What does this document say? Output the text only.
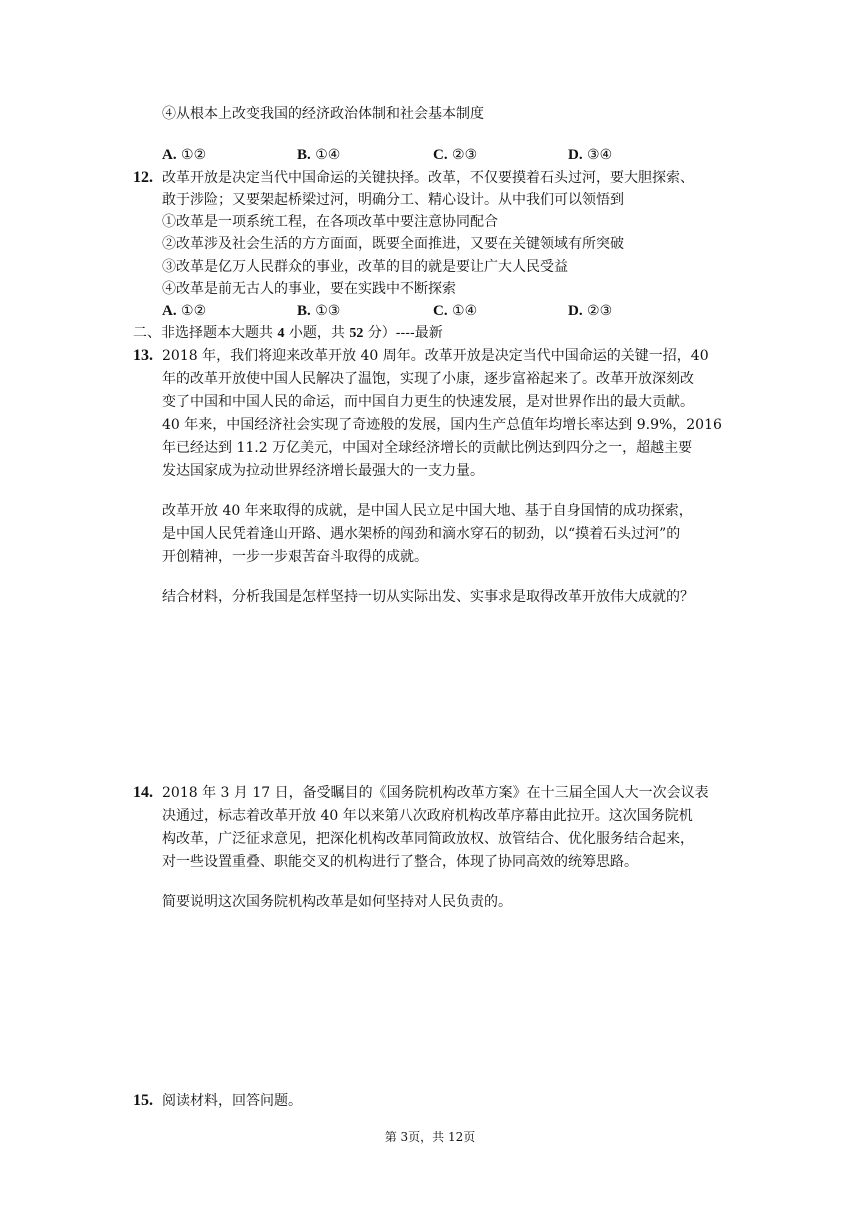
④从根本上改变我国的经济政治体制和社会基本制度
A. ①②	B. ①④	C. ②③	D. ③④
12. 改革开放是决定当代中国命运的关键抉择。改革，不仅要摸着石头过河，要大胆探索、
敢于涉险；又要架起桥梁过河，明确分工、精心设计。从中我们可以领悟到
①改革是一项系统工程，在各项改革中要注意协同配合
②改革涉及社会生活的方方面面，既要全面推进，又要在关键领域有所突破
③改革是亿万人民群众的事业，改革的目的就是要让广大人民受益
④改革是前无古人的事业，要在实践中不断探索
A. ①②	B. ①③	C. ①④	D. ②③
二、非选择题本大题共 4 小题，共 52 分）----最新
13. 2018 年，我们将迎来改革开放 40 周年。改革开放是决定当代中国命运的关键一招，40
年的改革开放使中国人民解决了温饱，实现了小康，逐步富裕起来了。改革开放深刻改
变了中国和中国人民的命运，而中国自力更生的快速发展，是对世界作出的最大贡献。
40 年来，中国经济社会实现了奇迹般的发展，国内生产总值年均增长率达到 9.9%，2016
年已经达到 11.2 万亿美元，中国对全球经济增长的贡献比例达到四分之一，超越主要
发达国家成为拉动世界经济增长最强大的一支力量。
改革开放 40 年来取得的成就，是中国人民立足中国大地、基于自身国情的成功探索，
是中国人民凭着逢山开路、遇水架桥的闯劲和滴水穿石的韧劲，以“摸着石头过河”的
开创精神，一步一步艰苦奋斗取得的成就。
结合材料，分析我国是怎样坚持一切从实际出发、实事求是取得改革开放伟大成就的？
14. 2018 年 3 月 17 日，备受瞩目的《国务院机构改革方案》在十三届全国人大一次会议表
决通过，标志着改革开放 40 年以来第八次政府机构改革序幕由此拉开。这次国务院机
构改革，广泛征求意见，把深化机构改革同简政放权、放管结合、优化服务结合起来，
对一些设置重叠、职能交叉的机构进行了整合，体现了协同高效的统筹思路。
简要说明这次国务院机构改革是如何坚持对人民负责的。
15. 阅读材料，回答问题。
第 3页，共 12页
